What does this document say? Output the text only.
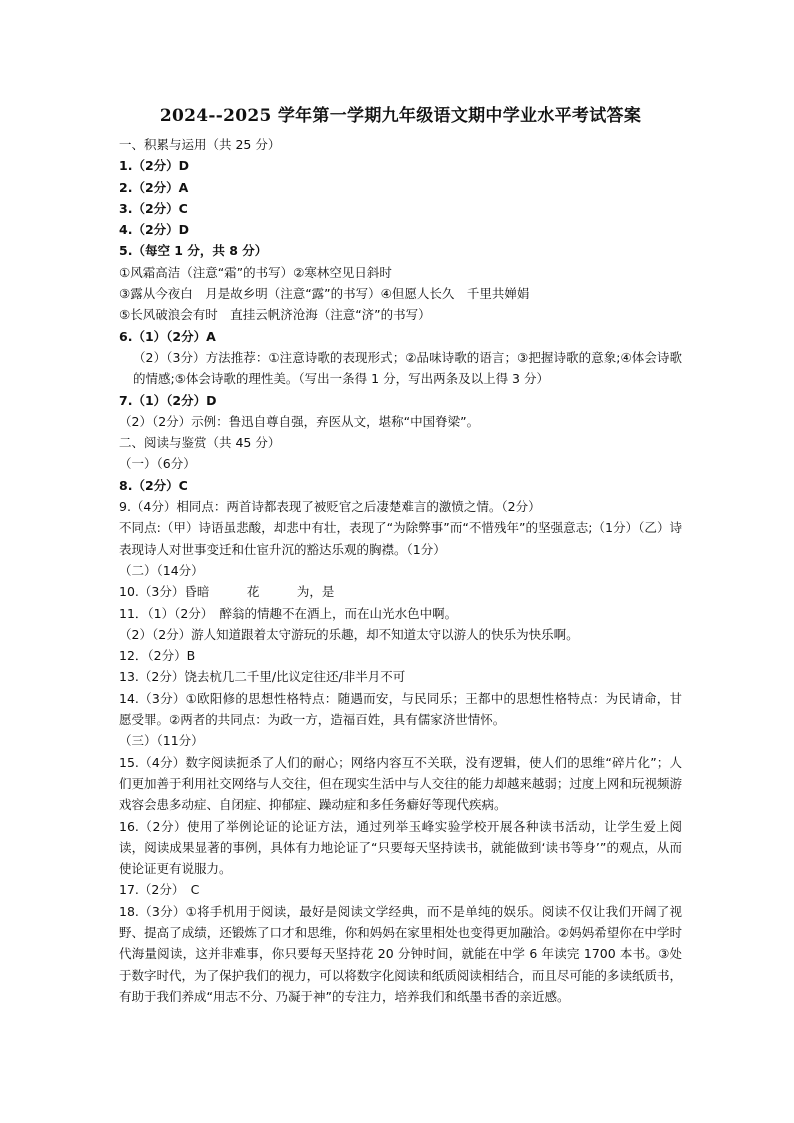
2024--2025 学年第一学期九年级语文期中学业水平考试答案
一、积累与运用（共 25 分）
1.（2分）D
2.（2分）A
3.（2分）C
4.（2分）D
5.（每空 1 分，共 8 分）
①风霜高洁（注意“霜”的书写）②寒林空见日斜时
③露从今夜白　月是故乡明（注意“露”的书写）④但愿人长久　千里共婵娟
⑤长风破浪会有时　直挂云帆济沧海（注意“济”的书写）
6.（1）（2分）A
（2）（3分）方法推荐：①注意诗歌的表现形式；②品味诗歌的语言；③把握诗歌的意象;④体会诗歌的情感;⑤体会诗歌的理性美。（写出一条得 1 分，写出两条及以上得 3 分）
7.（1）（2分）D
（2）（2分）示例：鲁迅自尊自强，弃医从文，堪称“中国脊梁”。
二、阅读与鉴赏（共 45 分）
（一）（6分）
8.（2分）C
9.（4分）相同点：两首诗都表现了被贬官之后凄楚难言的激愤之情。（2分）
不同点:（甲）诗语虽悲酸，却悲中有壮，表现了“为除弊事”而“不惜残年”的坚强意志;（1分）（乙）诗表现诗人对世事变迁和仕宦升沉的豁达乐观的胸襟。（1分）
（二）（14分）
10.（3分）昏暗　　　花　　　为，是
11．（1）（2分）　醉翁的情趣不在酒上，而在山光水色中啊。
（2）（2分）游人知道跟着太守游玩的乐趣，却不知道太守以游人的快乐为快乐啊。
12．（2分）B
13.（2分）饶去杭几二千里/比议定往还/非半月不可
14.（3分）①欧阳修的思想性格特点：随遇而安，与民同乐；王都中的思想性格特点：为民请命，甘愿受罪。②两者的共同点：为政一方，造福百姓，具有儒家济世情怀。
（三）（11分）
15.（4分）数字阅读扼杀了人们的耐心；网络内容互不关联，没有逻辑，使人们的思维“碎片化”；人们更加善于利用社交网络与人交往，但在现实生活中与人交往的能力却越来越弱；过度上网和玩视频游戏容会患多动症、自闭症、抑郁症、躁动症和多任务癖好等现代疾病。
16.（2分）使用了举例论证的论证方法，通过列举玉峰实验学校开展各种读书活动，让学生爱上阅读，阅读成果显著的事例，具体有力地论证了“只要每天坚持读书，就能做到‘读书等身’”的观点，从而使论证更有说服力。
17.（2分）　C
18.（3分）①将手机用于阅读，最好是阅读文学经典，而不是单纯的娱乐。阅读不仅让我们开阔了视野、提高了成绩，还锻炼了口才和思维，你和妈妈在家里相处也变得更加融洽。②妈妈希望你在中学时代海量阅读，这并非难事，你只要每天坚持花 20 分钟时间，就能在中学 6 年读完 1700 本书。③处于数字时代，为了保护我们的视力，可以将数字化阅读和纸质阅读相结合，而且尽可能的多读纸质书，有助于我们养成“用志不分、乃凝于神”的专注力，培养我们和纸墨书香的亲近感。
